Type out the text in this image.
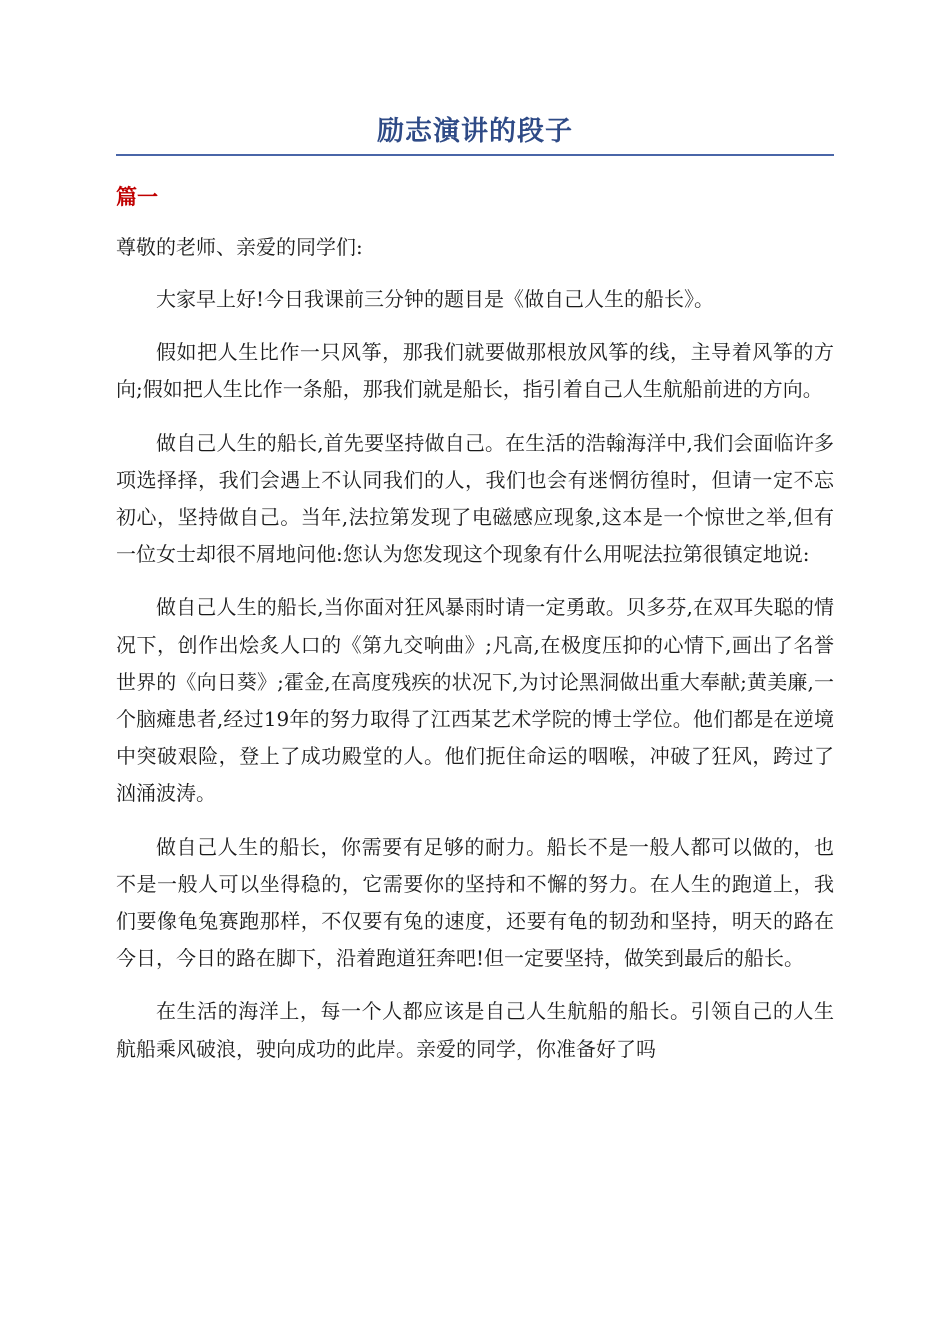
励志演讲的段子
篇一

尊敬的老师、亲爱的同学们:

大家早上好!今日我课前三分钟的题目是《做自己人生的船长》。

假如把人生比作一只风筝，那我们就要做那根放风筝的线，主导着风筝的方向;假如把人生比作一条船，那我们就是船长，指引着自己人生航船前进的方向。

做自己人生的船长,首先要坚持做自己。在生活的浩翰海洋中,我们会面临许多项选择择，我们会遇上不认同我们的人，我们也会有迷惘彷徨时，但请一定不忘初心，坚持做自己。当年,法拉第发现了电磁感应现象,这本是一个惊世之举,但有一位女士却很不屑地问他:您认为您发现这个现象有什么用呢法拉第很镇定地说:

做自己人生的船长,当你面对狂风暴雨时请一定勇敢。贝多芬,在双耳失聪的情况下，创作出烩炙人口的《第九交响曲》;凡高,在极度压抑的心情下,画出了名誉世界的《向日葵》;霍金,在高度残疾的状况下,为讨论黑洞做出重大奉献;黄美廉,一个脑瘫患者,经过19年的努力取得了江西某艺术学院的博士学位。他们都是在逆境中突破艰险，登上了成功殿堂的人。他们扼住命运的咽喉，冲破了狂风，跨过了汹涌波涛。

做自己人生的船长，你需要有足够的耐力。船长不是一般人都可以做的，也不是一般人可以坐得稳的，它需要你的坚持和不懈的努力。在人生的跑道上，我们要像龟兔赛跑那样，不仅要有兔的速度，还要有龟的韧劲和坚持，明天的路在今日，今日的路在脚下，沿着跑道狂奔吧!但一定要坚持，做笑到最后的船长。

在生活的海洋上，每一个人都应该是自己人生航船的船长。引领自己的人生航船乘风破浪，驶向成功的此岸。亲爱的同学，你准备好了吗
